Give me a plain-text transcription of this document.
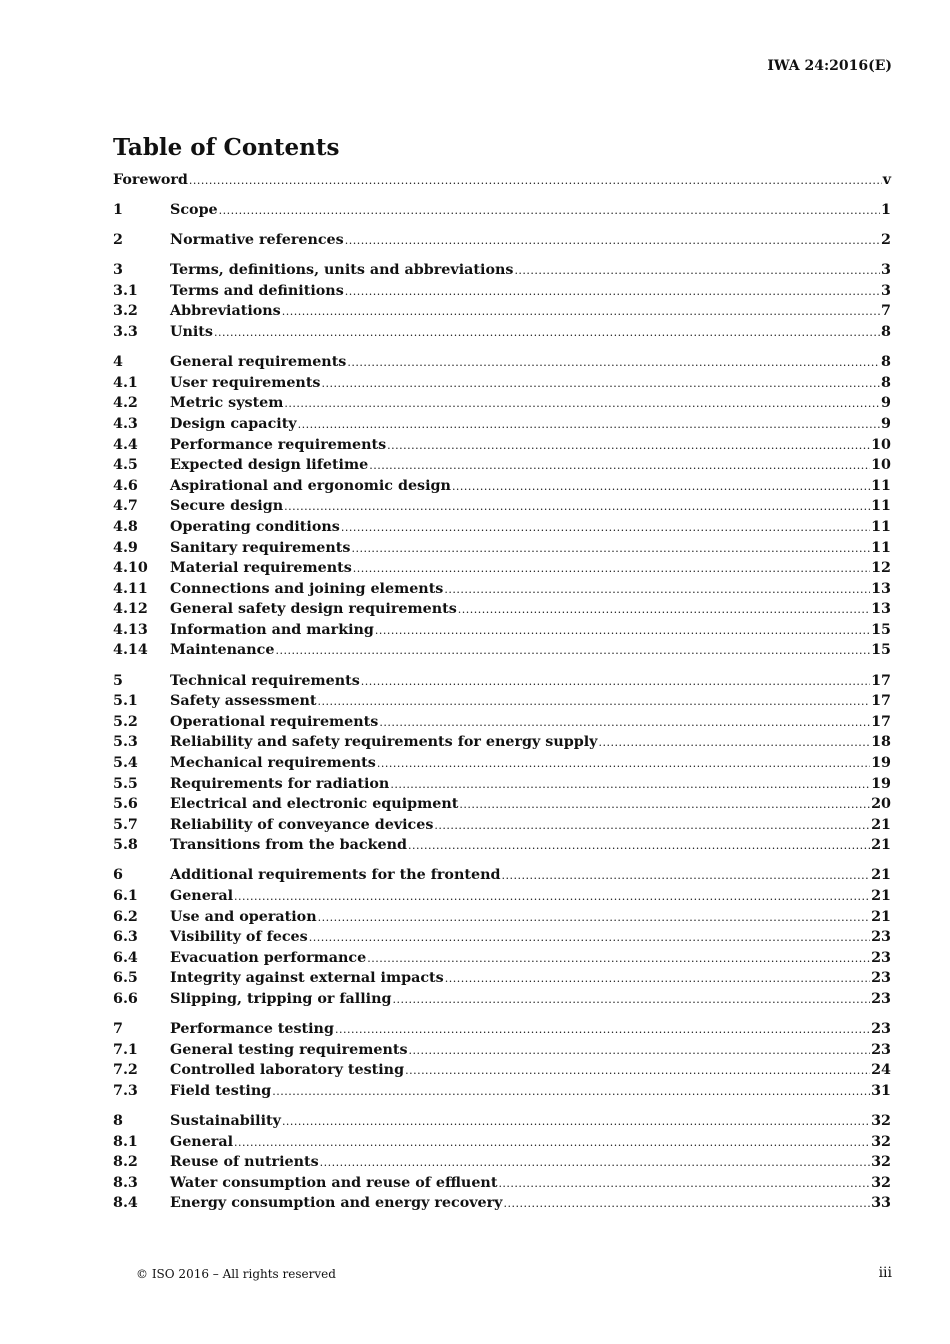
IWA 24:2016(E)
Table of Contents
Foreword .....	v
1	Scope .....	1
2	Normative references .....	2
3	Terms, definitions, units and abbreviations .....	3
3.1	Terms and definitions .....	3
3.2	Abbreviations .....	7
3.3	Units .....	8
4	General requirements .....	8
4.1	User requirements .....	8
4.2	Metric system .....	9
4.3	Design capacity .....	9
4.4	Performance requirements .....	10
4.5	Expected design lifetime .....	10
4.6	Aspirational and ergonomic design .....	11
4.7	Secure design .....	11
4.8	Operating conditions .....	11
4.9	Sanitary requirements .....	11
4.10	Material requirements .....	12
4.11	Connections and joining elements .....	13
4.12	General safety design requirements .....	13
4.13	Information and marking .....	15
4.14	Maintenance .....	15
5	Technical requirements .....	17
5.1	Safety assessment .....	17
5.2	Operational requirements .....	17
5.3	Reliability and safety requirements for energy supply .....	18
5.4	Mechanical requirements .....	19
5.5	Requirements for radiation .....	19
5.6	Electrical and electronic equipment .....	20
5.7	Reliability of conveyance devices .....	21
5.8	Transitions from the backend .....	21
6	Additional requirements for the frontend .....	21
6.1	General .....	21
6.2	Use and operation .....	21
6.3	Visibility of feces .....	23
6.4	Evacuation performance .....	23
6.5	Integrity against external impacts .....	23
6.6	Slipping, tripping or falling .....	23
7	Performance testing .....	23
7.1	General testing requirements .....	23
7.2	Controlled laboratory testing .....	24
7.3	Field testing .....	31
8	Sustainability .....	32
8.1	General .....	32
8.2	Reuse of nutrients .....	32
8.3	Water consumption and reuse of effluent .....	32
8.4	Energy consumption and energy recovery .....	33
© ISO 2016 – All rights reserved	iii
